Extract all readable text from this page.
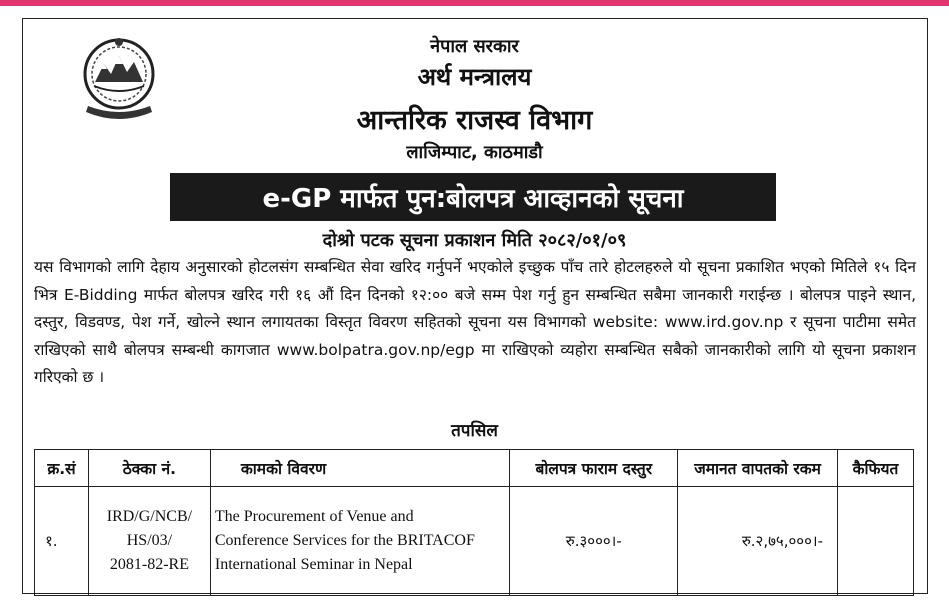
नेपाल सरकार
अर्थ मन्त्रालय
आन्तरिक राजस्व विभाग
लाजिम्पाट, काठमाडौ
e-GP मार्फत पुन:बोलपत्र आव्हानको सूचना
दोश्रो पटक सूचना प्रकाशन मिति २०८२/०१/०९
यस विभागको लागि देहाय अनुसारको होटलसंग सम्बन्धित सेवा खरिद गर्नुपर्ने भएकोले इच्छुक पाँच तारे होटलहरुले यो सूचना प्रकाशित भएको मितिले १५ दिन भित्र E-Bidding मार्फत बोलपत्र खरिद गरी १६ औं दिन दिनको १२:०० बजे सम्म पेश गर्नु हुन सम्बन्धित सबैमा जानकारी गराईन्छ । बोलपत्र पाइने स्थान, दस्तुर, विडवण्ड, पेश गर्ने, खोल्ने स्थान लगायतका विस्तृत विवरण सहितको सूचना यस विभागको website: www.ird.gov.np र सूचना पाटीमा समेत राखिएको साथै बोलपत्र सम्बन्धी कागजात www.bolpatra.gov.np/egp मा राखिएको व्यहोरा सम्बन्धित सबैको जानकारीको लागि यो सूचना प्रकाशन गरिएको छ ।
तपसिल
क्र.सं	ठेक्का नं.	कामको विवरण	बोलपत्र फाराम दस्तुर	जमानत वापतको रकम	कैफियत
१.	IRD/G/NCB/
HS/03/
2081-82-RE	The Procurement of Venue and
Conference Services for the BRITACOF
International Seminar in Nepal	रु.३०००।-	रु.२,७५,०००।-	
